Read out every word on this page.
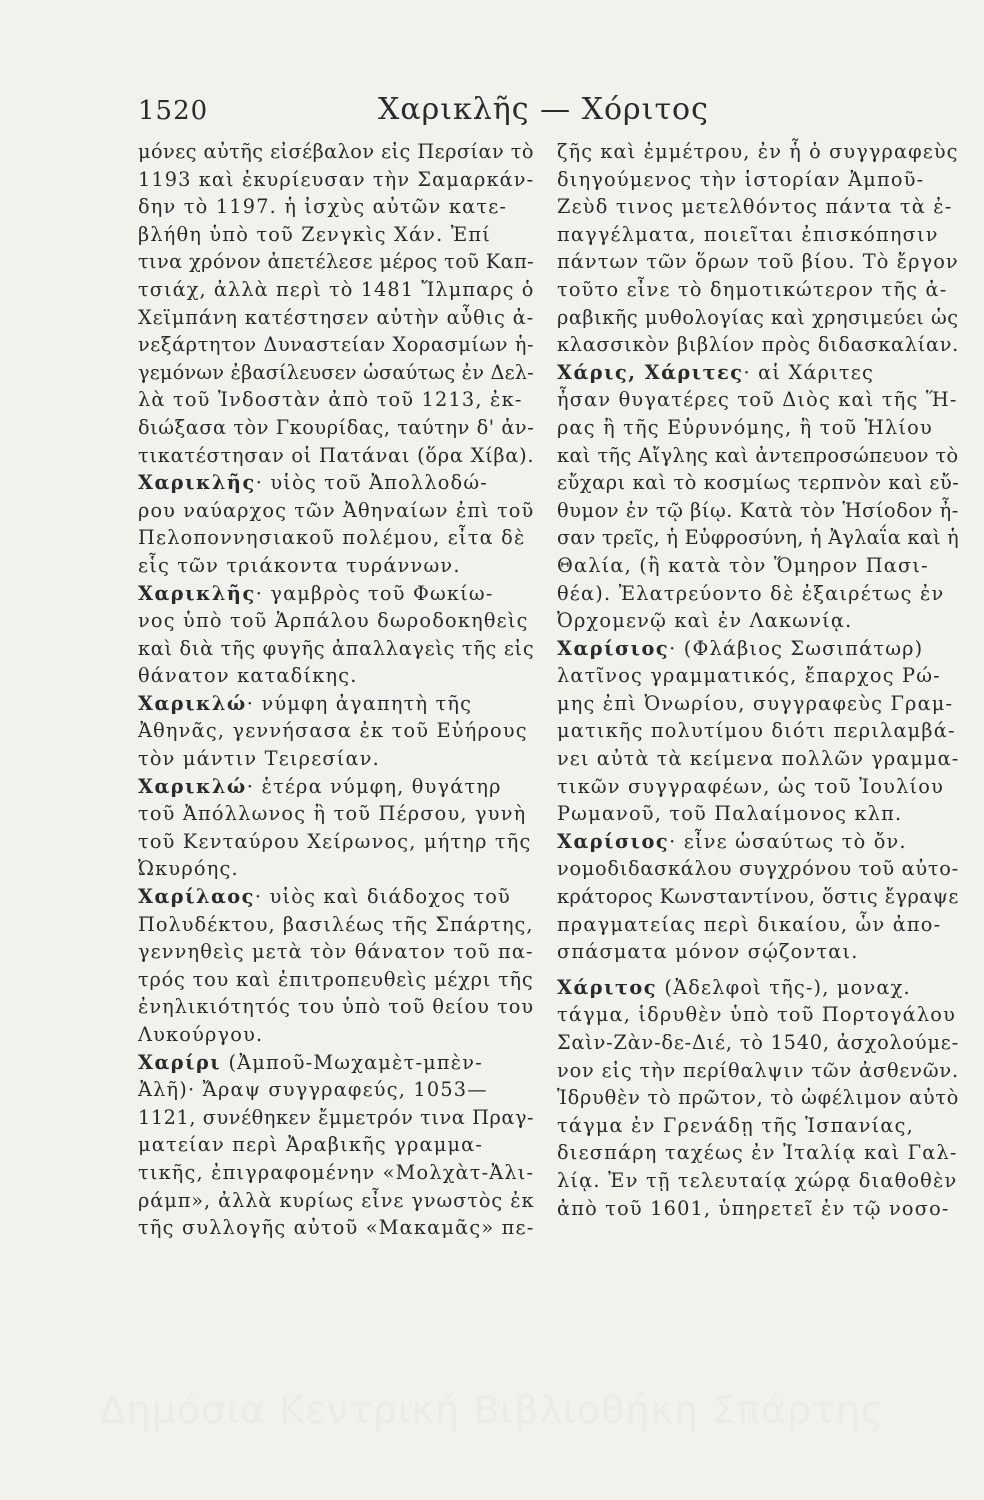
1520	Χαρικλῆς — Χόριτος
μόνες αὐτῆς εἰσέβαλον εἰς Περσίαν τὸ
1193 καὶ ἐκυρίευσαν τὴν Σαμαρκάν-
δην τὸ 1197. ἡ ἰσχὺς αὐτῶν κατε-
βλήθη ὑπὸ τοῦ Ζενγκὶς Χάν. Ἐπί
τινα χρόνον ἀπετέλεσε μέρος τοῦ Καπ-
τσιάχ, ἀλλὰ περὶ τὸ 1481 Ἴλμπαρς ὁ
Χεϊμπάνη κατέστησεν αὐτὴν αὖθις ἀ-
νεξάρτητον Δυναστείαν Χορασμίων ἡ-
γεμόνων ἐβασίλευσεν ὡσαύτως ἐν Δελ-
λὰ τοῦ Ἰνδοστὰν ἀπὸ τοῦ 1213, ἐκ-
διώξασα τὸν Γκουρίδας, ταύτην δ' ἀν-
τικατέστησαν οἱ Πατάναι (ὅρα Χίβα).
Χαρικλῆς· υἱὸς τοῦ Ἀπολλοδώ-
ρου ναύαρχος τῶν Ἀθηναίων ἐπὶ τοῦ
Πελοποννησιακοῦ πολέμου, εἶτα δὲ
εἷς τῶν τριάκοντα τυράννων.
Χαρικλῆς· γαμβρὸς τοῦ Φωκίω-
νος ὑπὸ τοῦ Ἁρπάλου δωροδοκηθεὶς
καὶ διὰ τῆς φυγῆς ἀπαλλαγεὶς τῆς εἰς
θάνατον καταδίκης.
Χαρικλώ· νύμφη ἀγαπητὴ τῆς
Ἀθηνᾶς, γεννήσασα ἐκ τοῦ Εὐήρους
τὸν μάντιν Τειρεσίαν.
Χαρικλώ· ἑτέρα νύμφη, θυγάτηρ
τοῦ Ἀπόλλωνος ἢ τοῦ Πέρσου, γυνὴ
τοῦ Κενταύρου Χείρωνος, μήτηρ τῆς
Ὠκυρόης.
Χαρίλαος· υἱὸς καὶ διάδοχος τοῦ
Πολυδέκτου, βασιλέως τῆς Σπάρτης,
γεννηθεὶς μετὰ τὸν θάνατον τοῦ πα-
τρός του καὶ ἐπιτροπευθεὶς μέχρι τῆς
ἐνηλικιότητός του ὑπὸ τοῦ θείου του
Λυκούργου.
Χαρίρι (Ἀμποῦ-Μωχαμὲτ-μπὲν-
Ἀλῆ)· Ἄραψ συγγραφεύς, 1053—
1121, συνέθηκεν ἔμμετρόν τινα Πραγ-
ματείαν περὶ Ἀραβικῆς γραμμα-
τικῆς, ἐπιγραφομένην «Μολχὰτ-Ἀλι-
ράμπ», ἀλλὰ κυρίως εἶνε γνωστὸς ἐκ
τῆς συλλογῆς αὐτοῦ «Μακαμᾶς» πε-
ζῆς καὶ ἐμμέτρου, ἐν ἧ ὁ συγγραφεὺς
διηγούμενος τὴν ἱστορίαν Ἀμποῦ-
Ζεὺδ τινος μετελθόντος πάντα τὰ ἐ-
παγγέλματα, ποιεῖται ἐπισκόπησιν
πάντων τῶν ὅρων τοῦ βίου. Τὸ ἔργον
τοῦτο εἶνε τὸ δημοτικώτερον τῆς ἀ-
ραβικῆς μυθολογίας καὶ χρησιμεύει ὡς
κλασσικὸν βιβλίον πρὸς διδασκαλίαν.
Χάρις, Χάριτες· αἱ Χάριτες
ἦσαν θυγατέρες τοῦ Διὸς καὶ τῆς Ἥ-
ρας ἢ τῆς Εὐρυνόμης, ἢ τοῦ Ἡλίου
καὶ τῆς Αἴγλης καὶ ἀντεπροσώπευον τὸ
εὔχαρι καὶ τὸ κοσμίως τερπνὸν καὶ εὔ-
θυμον ἐν τῷ βίῳ. Κατὰ τὸν Ἡσίοδον ἦ-
σαν τρεῖς, ἡ Εὐφροσύνη, ἡ Ἀγλαΐα καὶ ἡ
Θαλία, (ἢ κατὰ τὸν Ὅμηρον Πασι-
θέα). Ἐλατρεύοντο δὲ ἐξαιρέτως ἐν
Ὀρχομενῷ καὶ ἐν Λακωνίᾳ.
Χαρίσιος· (Φλάβιος Σωσιπάτωρ)
λατῖνος γραμματικός, ἔπαρχος Ρώ-
μης ἐπὶ Ὀνωρίου, συγγραφεὺς Γραμ-
ματικῆς πολυτίμου διότι περιλαμβά-
νει αὐτὰ τὰ κείμενα πολλῶν γραμμα-
τικῶν συγγραφέων, ὡς τοῦ Ἰουλίου
Ρωμανοῦ, τοῦ Παλαίμονος κλπ.
Χαρίσιος· εἶνε ὡσαύτως τὸ ὄν.
νομοδιδασκάλου συγχρόνου τοῦ αὐτο-
κράτορος Κωνσταντίνου, ὅστις ἔγραψε
πραγματείας περὶ δικαίου, ὧν ἀπο-
σπάσματα μόνον σῴζονται.
Χάριτος (Ἀδελφοὶ τῆς-), μοναχ.
τάγμα, ἱδρυθὲν ὑπὸ τοῦ Πορτογάλου
Σαὶν-Ζὰν-δε-Διέ, τὸ 1540, ἀσχολούμε-
νον εἰς τὴν περίθαλψιν τῶν ἀσθενῶν.
Ἱδρυθὲν τὸ πρῶτον, τὸ ὠφέλιμον αὐτὸ
τάγμα ἐν Γρενάδῃ τῆς Ἱσπανίας,
διεσπάρη ταχέως ἐν Ἰταλίᾳ καὶ Γαλ-
λίᾳ. Ἐν τῇ τελευταίᾳ χώρᾳ διαθοθὲν
ἀπὸ τοῦ 1601, ὑπηρετεῖ ἐν τῷ νοσο-
Δημόσια Κεντρική Βιβλιοθήκη Σπάρτης
